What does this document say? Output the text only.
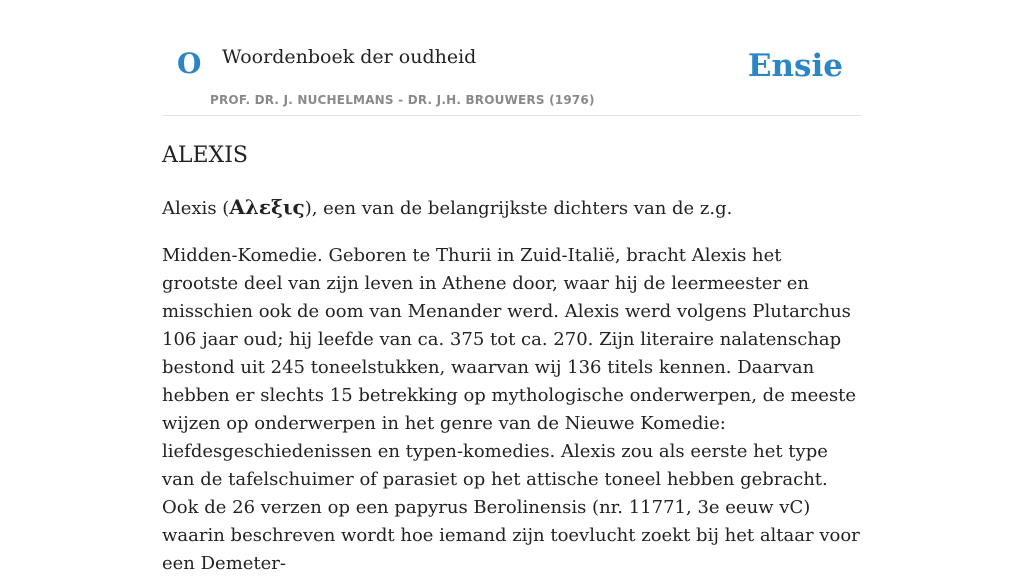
O Woordenboek der oudheid	Ensie
PROF. DR. J. NUCHELMANS - DR. J.H. BROUWERS (1976)
ALEXIS

Alexis (Αλεξις), een van de belangrijkste dichters van de z.g.

Midden-Komedie. Geboren te Thurii in Zuid-Italië, bracht Alexis het grootste deel van zijn leven in Athene door, waar hij de leermeester en misschien ook de oom van Menander werd. Alexis werd volgens Plutarchus 106 jaar oud; hij leefde van ca. 375 tot ca. 270. Zijn literaire nalatenschap bestond uit 245 toneelstukken, waarvan wij 136 titels kennen. Daarvan hebben er slechts 15 betrekking op mythologische onderwerpen, de meeste wijzen op onderwerpen in het genre van de Nieuwe Komedie: liefdesgeschiedenissen en typen-komedies. Alexis zou als eerste het type van de tafelschuimer of parasiet op het attische toneel hebben gebracht. Ook de 26 verzen op een papyrus Berolinensis (nr. 11771, 3e eeuw vC) waarin beschreven wordt hoe iemand zijn toevlucht zoekt bij het altaar voor een Demeter-
